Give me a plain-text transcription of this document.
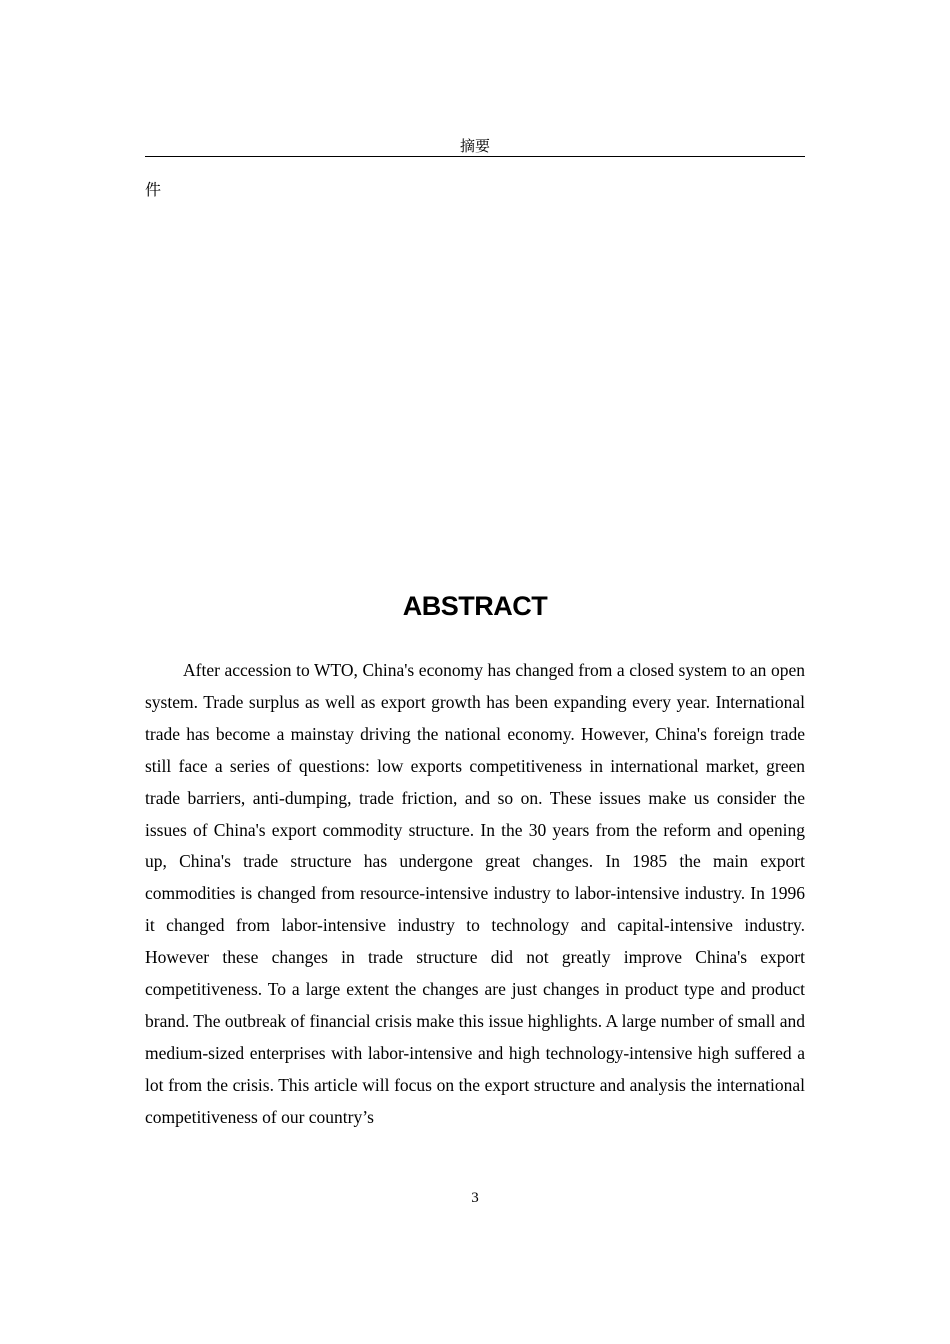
摘要
件
ABSTRACT

After accession to WTO, China's economy has changed from a closed system to an open system. Trade surplus as well as export growth has been expanding every year. International trade has become a mainstay driving the national economy. However, China's foreign trade still face a series of questions: low exports competitiveness in international market, green trade barriers, anti-dumping, trade friction, and so on. These issues make us consider the issues of China's export commodity structure. In the 30 years from the reform and opening up, China's trade structure has undergone great changes. In 1985 the main export commodities is changed from resource-intensive industry to labor-intensive industry. In 1996 it changed from labor-intensive industry to technology and capital-intensive industry. However these changes in trade structure did not greatly improve China's export competitiveness. To a large extent the changes are just changes in product type and product brand. The outbreak of financial crisis make this issue highlights. A large number of small and medium-sized enterprises with labor-intensive and high technology-intensive high suffered a lot from the crisis. This article will focus on the export structure and analysis the international competitiveness of our country’s

3
